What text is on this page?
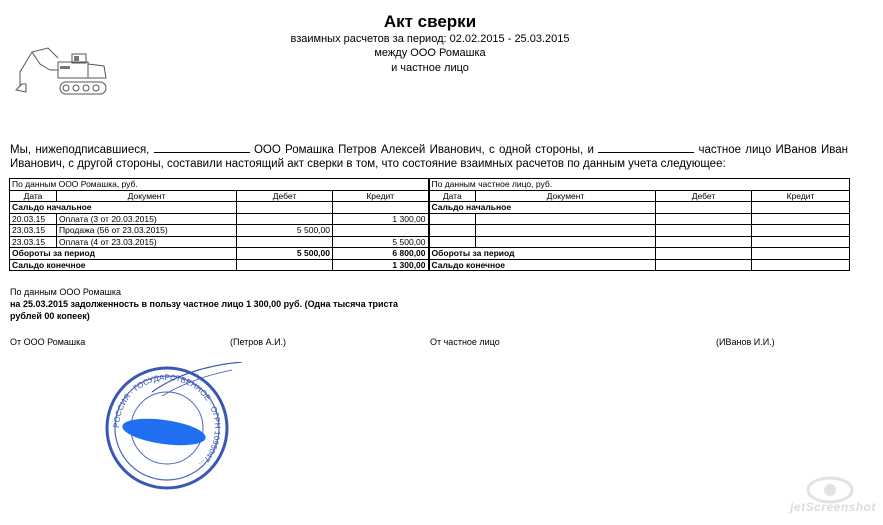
Акт сверки
взаимных расчетов за период: 02.02.2015 - 25.03.2015
между ООО Ромашка
и частное лицо
Мы, нижеподписавшиеся,	ООО Ромашка Петров Алексей Иванович, с одной стороны, и	частное лицо ИВанов Иван Иванович, с другой стороны, составили настоящий акт сверки в том, что состояние взаимных расчетов по данным учета следующее:
По данным ООО Ромашка, руб.				По данным частное лицо, руб.			
Дата	Документ	Дебет	Кредит	Дата	Документ	Дебет	Кредит
Сальдо начальное				Сальдо начальное			
20.03.15	Оплата (3 от 20.03.2015)		1 300,00				
23.03.15	Продажа (56 от 23.03.2015)	5 500,00					
23.03.15	Оплата (4 от 23.03.2015)		5 500,00				
Обороты за период		5 500,00	6 800,00	Обороты за период			
Сальдо конечное			1 300,00	Сальдо конечное			
По данным ООО Ромашка
на 25.03.2015 задолженность в пользу частное лицо 1 300,00 руб. (Одна тысяча триста рублей 00 копеек)
От ООО Ромашка	(Петров А.И.)	От частное лицо	(ИВанов И.И.)
РОССИЯ · ГОСУДАРСТВЕННОЕ · ОГРН 1095047...
jetScreenshot
